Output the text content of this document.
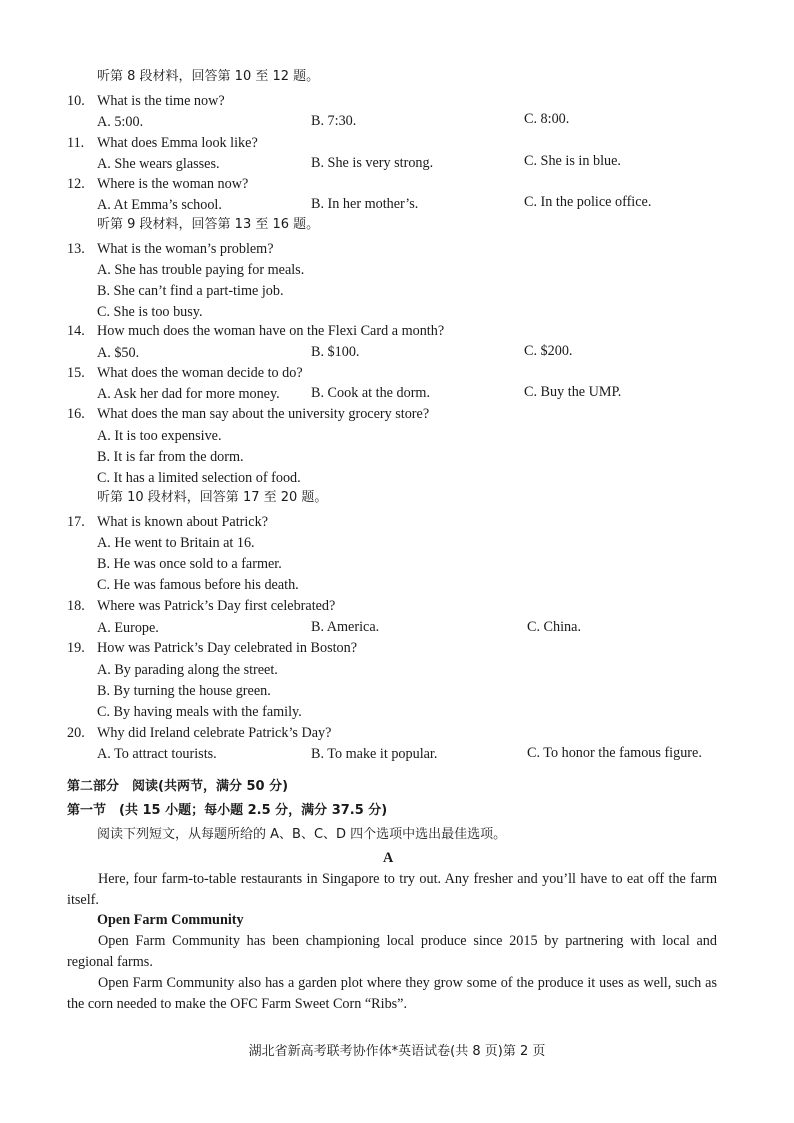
听第 8 段材料，回答第 10 至 12 题。
10. What is the time now?
A. 5:00.	B. 7:30.	C. 8:00.
11. What does Emma look like?
A. She wears glasses.	B. She is very strong.	C. She is in blue.
12. Where is the woman now?
A. At Emma’s school.	B. In her mother’s.	C. In the police office.
听第 9 段材料，回答第 13 至 16 题。
13. What is the woman’s problem?
A. She has trouble paying for meals.
B. She can’t find a part-time job.
C. She is too busy.
14. How much does the woman have on the Flexi Card a month?
A. $50.	B. $100.	C. $200.
15. What does the woman decide to do?
A. Ask her dad for more money. B. Cook at the dorm.	C. Buy the UMP.
16. What does the man say about the university grocery store?
A. It is too expensive.
B. It is far from the dorm.
C. It has a limited selection of food.
听第 10 段材料，回答第 17 至 20 题。
17. What is known about Patrick?
A. He went to Britain at 16.
B. He was once sold to a farmer.
C. He was famous before his death.
18. Where was Patrick’s Day first celebrated?
A. Europe.	B. America.	C. China.
19. How was Patrick’s Day celebrated in Boston?
A. By parading along the street.
B. By turning the house green.
C. By having meals with the family.
20. Why did Ireland celebrate Patrick’s Day?
A. To attract tourists.	B. To make it popular.	C. To honor the famous figure.
第二部分　阅读(共两节，满分 50 分)
第一节　(共 15 小题；每小题 2.5 分，满分 37.5 分)
阅读下列短文，从每题所给的 A、B、C、D 四个选项中选出最佳选项。
A
Here, four farm-to-table restaurants in Singapore to try out. Any fresher and you’ll have to eat off the farm itself.
Open Farm Community
Open Farm Community has been championing local produce since 2015 by partnering with local and regional farms.
Open Farm Community also has a garden plot where they grow some of the produce it uses as well, such as the corn needed to make the OFC Farm Sweet Corn “Ribs”.
湖北省新高考联考协作体*英语试卷(共 8 页)第 2 页
